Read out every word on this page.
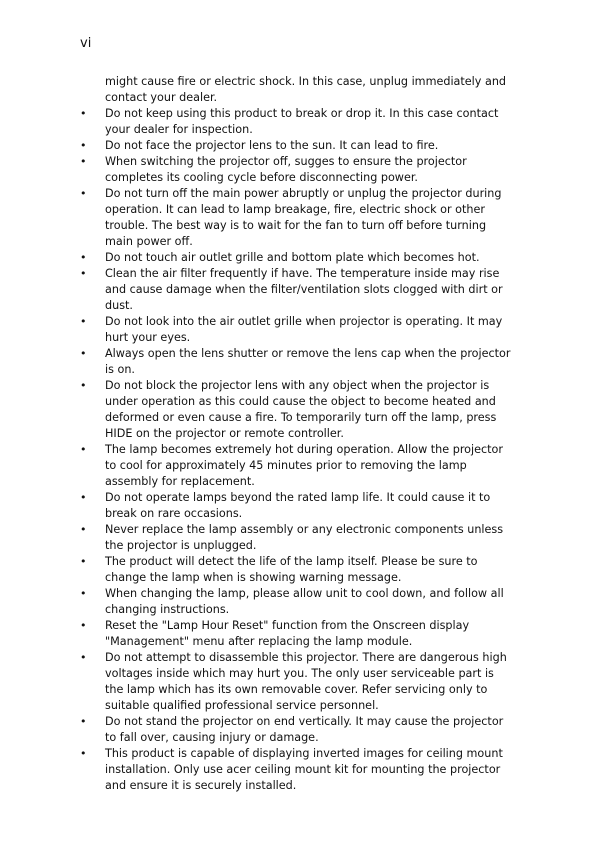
vi

might cause fire or electric shock. In this case, unplug immediately and contact your dealer.

• Do not keep using this product to break or drop it. In this case contact your dealer for inspection.
• Do not face the projector lens to the sun. It can lead to fire.
• When switching the projector off, sugges to ensure the projector completes its cooling cycle before disconnecting power.
• Do not turn off the main power abruptly or unplug the projector during operation. It can lead to lamp breakage, fire, electric shock or other trouble. The best way is to wait for the fan to turn off before turning main power off.
• Do not touch air outlet grille and bottom plate which becomes hot.
• Clean the air filter frequently if have. The temperature inside may rise and cause damage when the filter/ventilation slots clogged with dirt or dust.
• Do not look into the air outlet grille when projector is operating. It may hurt your eyes.
• Always open the lens shutter or remove the lens cap when the projector is on.
• Do not block the projector lens with any object when the projector is under operation as this could cause the object to become heated and deformed or even cause a fire. To temporarily turn off the lamp, press HIDE on the projector or remote controller.
• The lamp becomes extremely hot during operation. Allow the projector to cool for approximately 45 minutes prior to removing the lamp assembly for replacement.
• Do not operate lamps beyond the rated lamp life. It could cause it to break on rare occasions.
• Never replace the lamp assembly or any electronic components unless the projector is unplugged.
• The product will detect the life of the lamp itself. Please be sure to change the lamp when is showing warning message.
• When changing the lamp, please allow unit to cool down, and follow all changing instructions.
• Reset the "Lamp Hour Reset" function from the Onscreen display "Management" menu after replacing the lamp module.
• Do not attempt to disassemble this projector. There are dangerous high voltages inside which may hurt you. The only user serviceable part is the lamp which has its own removable cover. Refer servicing only to suitable qualified professional service personnel.
• Do not stand the projector on end vertically. It may cause the projector to fall over, causing injury or damage.
• This product is capable of displaying inverted images for ceiling mount installation. Only use acer ceiling mount kit for mounting the projector and ensure it is securely installed.
